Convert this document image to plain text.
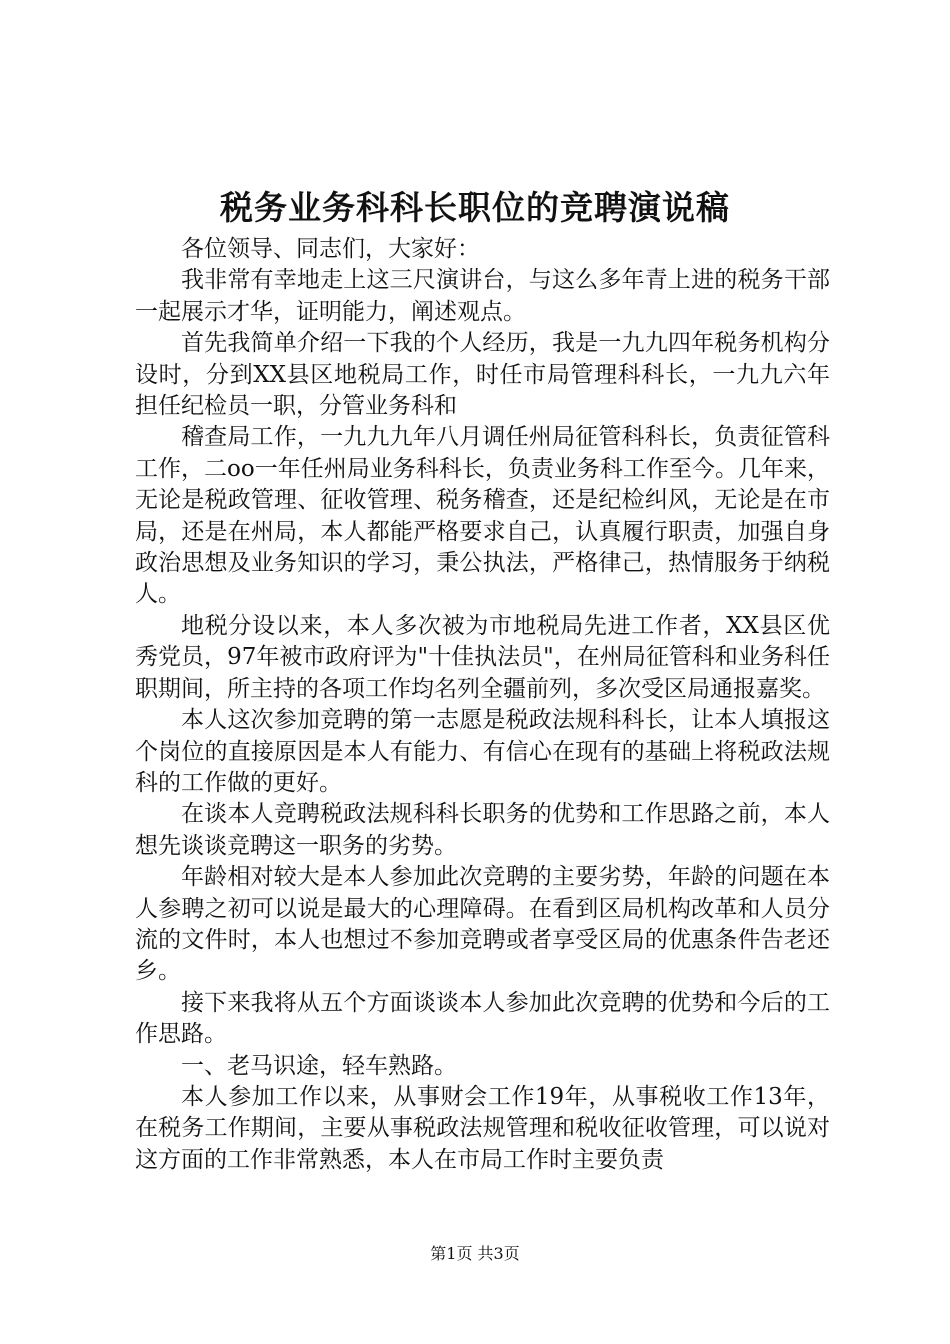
税务业务科科长职位的竞聘演说稿

各位领导、同志们，大家好：

我非常有幸地走上这三尺演讲台，与这么多年青上进的税务干部一起展示才华，证明能力，阐述观点。

首先我简单介绍一下我的个人经历，我是一九九四年税务机构分设时，分到XX县区地税局工作，时任市局管理科科长，一九九六年担任纪检员一职，分管业务科和

稽查局工作，一九九九年八月调任州局征管科科长，负责征管科工作，二oo一年任州局业务科科长，负责业务科工作至今。几年来，无论是税政管理、征收管理、税务稽查，还是纪检纠风，无论是在市局，还是在州局，本人都能严格要求自己，认真履行职责，加强自身政治思想及业务知识的学习，秉公执法，严格律己，热情服务于纳税人。

地税分设以来，本人多次被为市地税局先进工作者，XX县区优秀党员，97年被市政府评为"十佳执法员"，在州局征管科和业务科任职期间，所主持的各项工作均名列全疆前列，多次受区局通报嘉奖。

本人这次参加竞聘的第一志愿是税政法规科科长，让本人填报这个岗位的直接原因是本人有能力、有信心在现有的基础上将税政法规科的工作做的更好。

在谈本人竞聘税政法规科科长职务的优势和工作思路之前，本人想先谈谈竞聘这一职务的劣势。

年龄相对较大是本人参加此次竞聘的主要劣势，年龄的问题在本人参聘之初可以说是最大的心理障碍。在看到区局机构改革和人员分流的文件时，本人也想过不参加竞聘或者享受区局的优惠条件告老还乡。

接下来我将从五个方面谈谈本人参加此次竞聘的优势和今后的工作思路。

一、老马识途，轻车熟路。

本人参加工作以来，从事财会工作19年，从事税收工作13年，在税务工作期间，主要从事税政法规管理和税收征收管理，可以说对这方面的工作非常熟悉，本人在市局工作时主要负责

第1页 共3页
